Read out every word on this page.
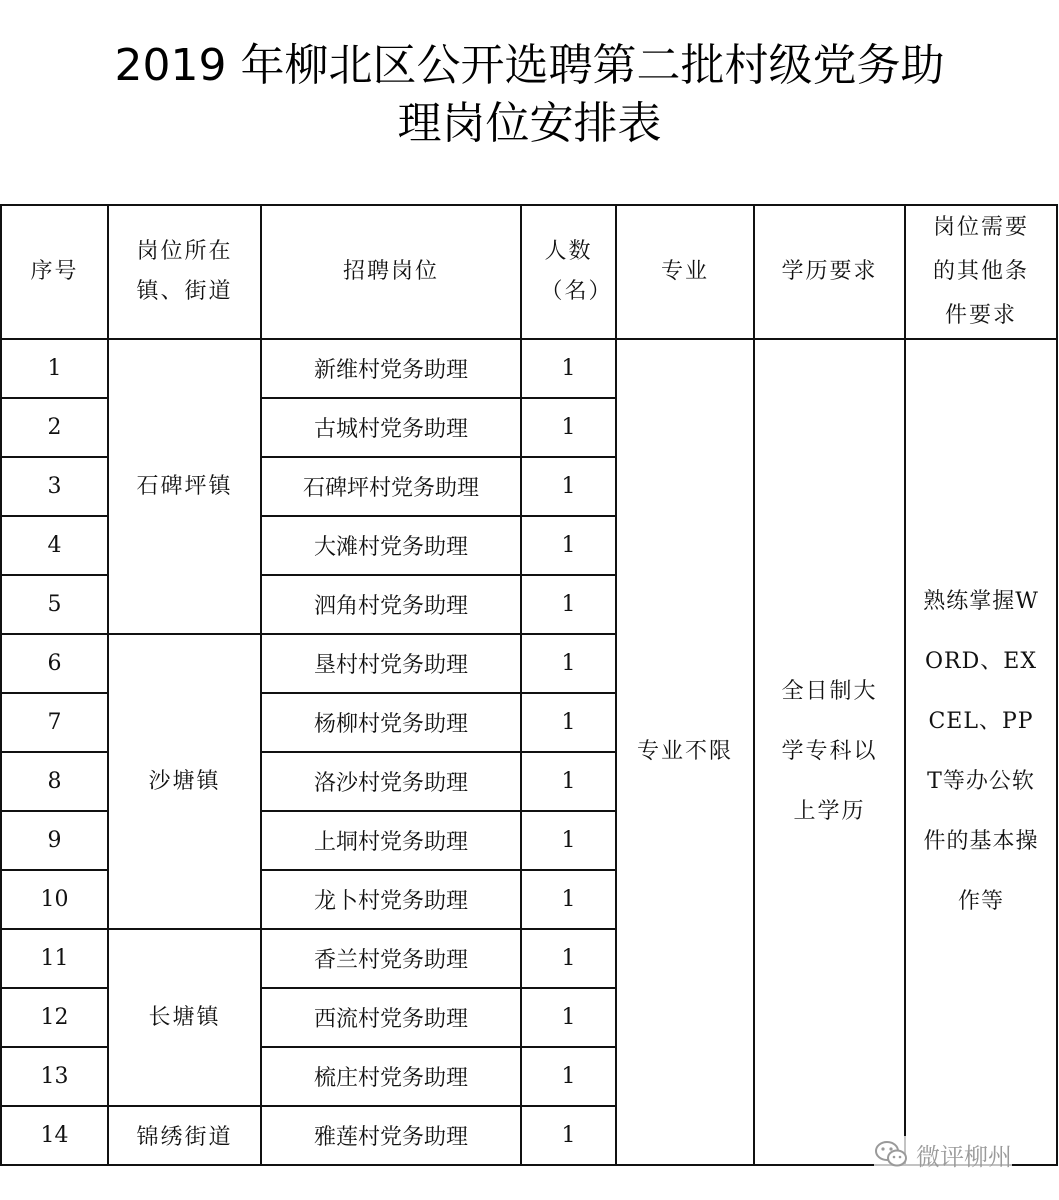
2019 年柳北区公开选聘第二批村级党务助
理岗位安排表
序号	岗位所在镇、街道	招聘岗位	人数（名）	专业	学历要求	岗位需要的其他条件要求

1	石碑坪镇	新维村党务助理	1	专业不限	全日制大学专科以上学历	熟练掌握WORD、EXCEL、PPT等办公软件的基本操作等

2		古城村党务助理	1			
3		石碑坪村党务助理	1			
4		大滩村党务助理	1			
5		泗角村党务助理	1			
6	沙塘镇	垦村村党务助理	1			
7		杨柳村党务助理	1			
8		洛沙村党务助理	1			
9		上垌村党务助理	1			
10		龙卜村党务助理	1			
11	长塘镇	香兰村党务助理	1			
12		西流村党务助理	1			
13		梳庄村党务助理	1			
14	锦绣街道	雅莲村党务助理	1			
微评柳州
